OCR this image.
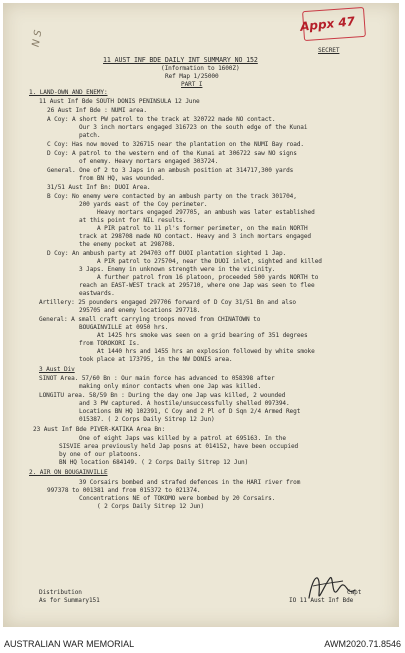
N S
Appx 47
SECRET
11 AUST INF BDE DAILY INT SUMMARY NO 152
(Information to 1600Z)
Ref Map 1/25000
PART I
1. LAND-OWN AND ENEMY:
11 Aust Inf Bde SOUTH DONIS PENINSULA 12 June
26 Aust Inf Bde : NUMI area.
A Coy: A short PW patrol to the track at 320722 made NO contact.
Our 3 inch mortars engaged 316723 on the south edge of the Kunai
patch.
C Coy: Has now moved to 326715 near the plantation on the NUMI Bay road.
D Coy: A patrol to the western end of the Kunai at 306722 saw NO signs
of enemy. Heavy mortars engaged 303724.
General. One of 2 to 3 Japs in an ambush position at 314717,300 yards
from BN HQ, was wounded.
31/51 Aust Inf Bn: DUOI Area.
B Coy: No enemy were contacted by an ambush party on the track 301704,
200 yards east of the Coy perimeter.
Heavy mortars engaged 297705, an ambush was later established
at this point for NIL results.
A PIR patrol to 11 pl's former perimeter, on the main NORTH
track at 298708 made NO contact. Heavy and 3 inch mortars engaged
the enemy pocket at 298708.
D Coy: An ambush party at 294703 off DUOI plantation sighted 1 Jap.
A PIR patrol to 275704, near the DUOI inlet, sighted and killed
3 Japs. Enemy in unknown strength were in the vicinity.
A further patrol from 16 platoon, proceeded 500 yards NORTH to
reach an EAST-WEST track at 295710, where one Jap was seen to flee
eastwards.
Artillery: 25 pounders engaged 297706 forward of D Coy 31/51 Bn and also
295705 and enemy locations 297718.
General: A small craft carrying troops moved from CHINATOWN to
BOUGAINVILLE at 0950 hrs.
At 1425 hrs smoke was seen on a grid bearing of 351 degrees
from TOROKORI Is.
At 1440 hrs and 1455 hrs an explosion followed by white smoke
took place at 173795, in the NW DONIS area.
3 Aust Div
SINOT Area. 57/60 Bn : Our main force has advanced to 058398 after
making only minor contacts when one Jap was killed.
LONGITU area. 58/59 Bn : During the day one Jap was killed, 2 wounded
and 3 PW captured. A hostile/unsuccessfully shelled 097394.
Locations BN HQ 102391, C Coy and 2 Pl of D Sqn 2/4 Armed Regt
015387. ( 2 Corps Daily Sitrep 12 Jun)
23 Aust Inf Bde PIVER-KATIKA Area Bn:
One of eight Japs was killed by a patrol at 695163. In the
SISVIE area previously held Jap posns at 014152, have been occupied
by one of our platoons.
BN HQ location 684149. ( 2 Corps Daily Sitrep 12 Jun)
2. AIR ON BOUGAINVILLE
39 Corsairs bombed and strafed defences in the HARI river from
997378 to 001381 and from 015372 to 021374.
Concentrations NE of TOKOMO were bombed by 20 Corsairs.
( 2 Corps Daily Sitrep 12 Jun)
Distribution
As for Summary151
Capt
IO 11 Aust Inf Bde
AUSTRALIAN WAR MEMORIAL	AWM2020.71.8546
